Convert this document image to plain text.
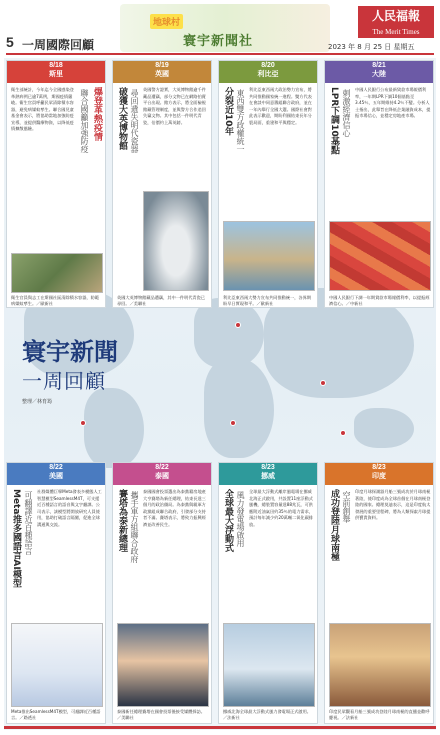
5 一周國際回顧
地球村
寰宇新聞社
人民福報
The Merit Times
2023 年 8 月 25 日 星期五
寰宇新聞
一周回顧
整理／林育筠
8/18
斯里
爆登革熱疫情
聯合國籲加強防疫
衛生部統計，今年迄今全國感染登革熱病例已逾7萬例，斯國疫情嚴峻。衛生官員呼籲民眾清除積水容器，避免病媒蚊孳生。聯合國兒童基金會表示，將協助當地加強防疫宣導，並提供醫療物資，以降低疫情擴散風險。
衛生官員與志工在斯國社區清除積水容器，防範病媒蚊孳生。／歐新社
8/19
英國
破獲大英博物館 尋回遺失明代瓷器 英國警方證實，大英博物館逾千件藏品遭竊，部分文物已在網路拍賣平台出現。館方表示，將全面檢視館藏管理制度，並與警方合作追回失竊文物。其中包括一件明代青瓷，估價約上萬英鎊。
英國大英博物館藏品遭竊，其中一件明代青瓷已尋回。／美聯社
8/20
利比亞
分裂近10年 東西雙方政權統一 利比亞東西兩大政治勢力宣布，將共同推動國家統一進程。雙方代表在會談中同意籌組聯合政府，並在一年內舉行全國大選。國際社會對此表示歡迎，期盼利國結束長年分裂局面，重建和平與穩定。
利比亞東西兩大勢力宣布共同推動統一，各界期盼早日實現和平。／歐新社
8/21
大陸
LPR下調10基點 刺激經濟信心 中國人民銀行公布最新貸款市場報價利率，一年期LPR下調10個基點至3.45％，五年期維持4.2％不變。分析人士指出，此舉旨在降低企業融資成本，提振市場信心，並穩定房地產市場。
中國人民銀行下調一年期貸款市場報價利率，以提振經濟信心。／中新社
8/22
美國
Meta推多國語言AI模型 可翻譯近百種語言 社群媒體巨擘Meta發表多模態人工智慧模型SeamlessM4T，可支援近百種語言的語音與文字翻譯。公司表示，該模型將開放研究人員使用，協助打破語言隔閡，促進全球溝通與交流。
Meta推出SeamlessM4T模型，可翻譯近百種語言。／路透社
8/22
泰國
賽塔為泰新總理 攜手軍方組聯合政府 泰國國會投票選出為泰黨籍房地產大亨賽塔為新任總理，結束長達三個月的政治僵局。為泰黨與親軍方政黨組成聯合政府，引發部分支持者不滿。賽塔表示，將致力振興經濟並改善民生。
泰國新任總理賽塔在國會投票後接受媒體採訪。／美聯社
8/23
挪威
全球最大浮動式 風力發電場啟用 全球最大浮動式離岸風電場在挪威北海正式啟用，共設置11座浮動式風機，總裝置容量達88兆瓦，可供應附近油氣田約35％的電力需求，預計每年減少約20萬噸二氧化碳排放。
挪威北海全球最大浮動式風力發電場正式啟用。／法新社
8/23
印度
成功登陸月球南極 空前創舉 印度月球探測器月船三號成功於月球南極著陸，使印度成為全球首個在月球南極登陸的國家。總理莫迪表示，這是印度航太發展的重要里程碑，將為人類探索月球提供寶貴資料。
印度民眾觀看月船三號成功登陸月球南極的直播並歡呼慶祝。／法新社
